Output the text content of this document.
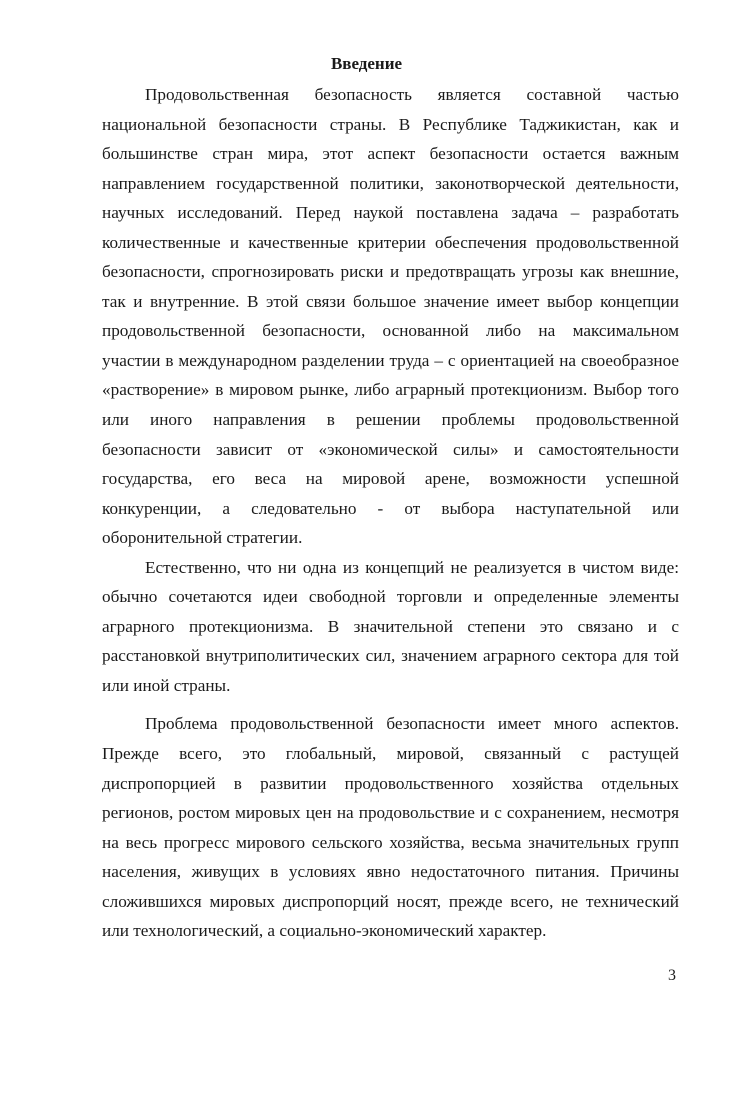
Введение
Продовольственная безопасность является составной частью
национальной безопасности страны. В Республике Таджикистан, как и
большинстве стран мира, этот аспект безопасности остается важным
направлением государственной политики, законотворческой деятельности,
научных исследований. Перед наукой поставлена задача – разработать
количественные и качественные критерии обеспечения продовольственной
безопасности, спрогнозировать риски и предотвращать угрозы как внешние,
так и внутренние. В этой связи большое значение имеет выбор концепции
продовольственной безопасности, основанной либо на максимальном
участии в международном разделении труда – с ориентацией на своеобразное
«растворение» в мировом рынке, либо аграрный протекционизм. Выбор того
или иного направления в решении проблемы продовольственной
безопасности зависит от «экономической силы» и самостоятельности
государства, его веса на мировой арене, возможности успешной
конкуренции, а следовательно - от выбора наступательной или
оборонительной стратегии.
Естественно, что ни одна из концепций не реализуется в чистом виде:
обычно сочетаются идеи свободной торговли и определенные элементы
аграрного протекционизма. В значительной степени это связано и с
расстановкой внутриполитических сил, значением аграрного сектора для той
или иной страны.
Проблема продовольственной безопасности имеет много аспектов.
Прежде всего, это глобальный, мировой, связанный с растущей
диспропорцией в развитии продовольственного хозяйства отдельных
регионов, ростом мировых цен на продовольствие и с сохранением, несмотря
на весь прогресс мирового сельского хозяйства, весьма значительных групп
населения, живущих в условиях явно недостаточного питания. Причины
сложившихся мировых диспропорций носят, прежде всего, не технический
или технологический, а социально-экономический характер.
3
